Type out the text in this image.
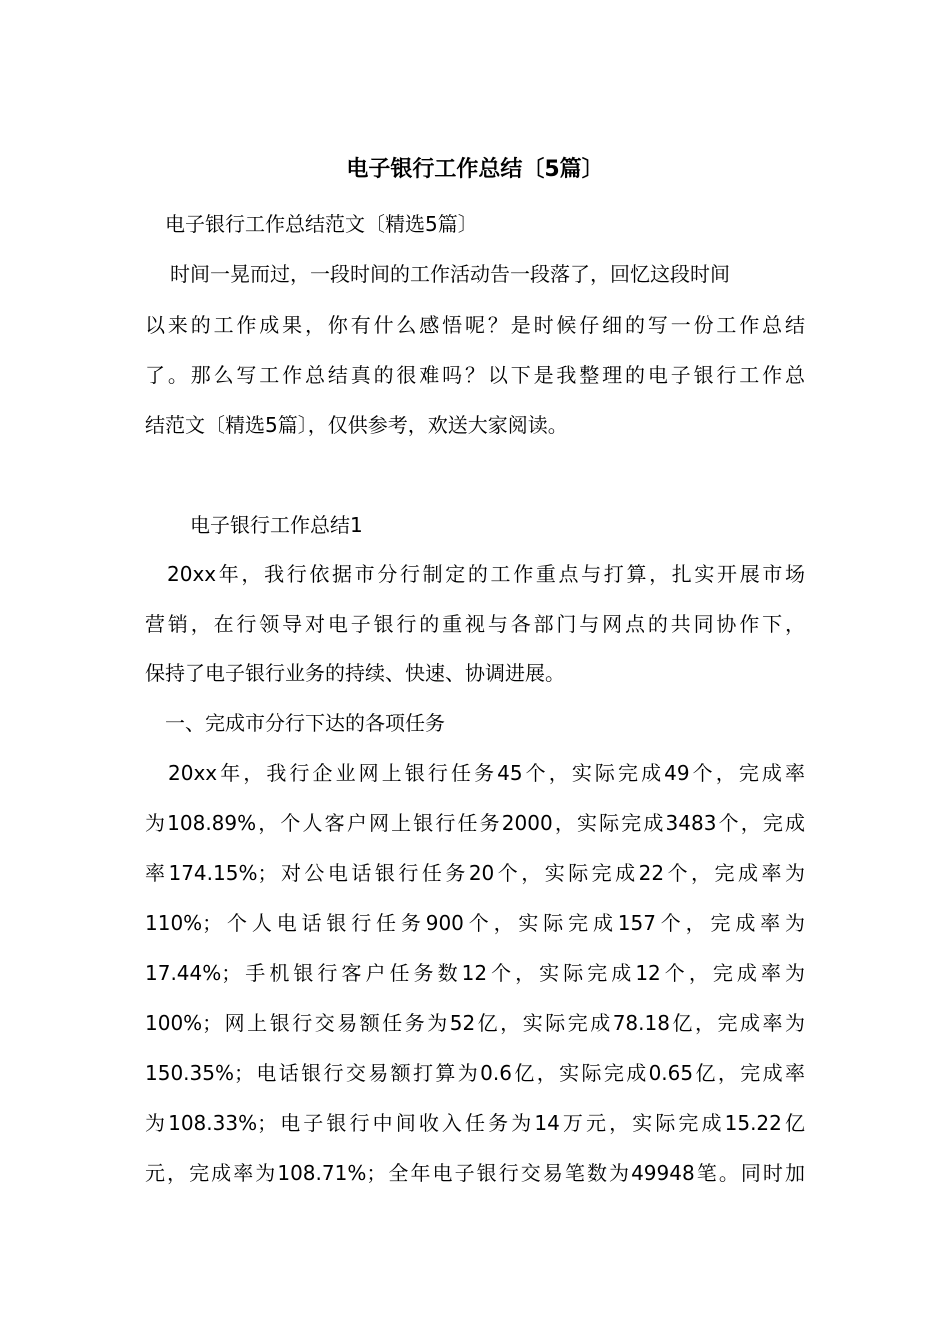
电子银行工作总结〔5篇〕

电子银行工作总结范文〔精选5篇〕

时间一晃而过，一段时间的工作活动告一段落了，回忆这段时间

以来的工作成果，你有什么感悟呢？是时候仔细的写一份工作总结

了。那么写工作总结真的很难吗？以下是我整理的电子银行工作总

结范文〔精选5篇〕，仅供参考，欢送大家阅读。

电子银行工作总结1

20xx年，我行依据市分行制定的工作重点与打算，扎实开展市场

营销，在行领导对电子银行的重视与各部门与网点的共同协作下，

保持了电子银行业务的持续、快速、协调进展。

一、完成市分行下达的各项任务

20xx年，我行企业网上银行任务45个，实际完成49个，完成率

为108.89%，个人客户网上银行任务2000，实际完成3483个，完成

率174.15%；对公电话银行任务20个，实际完成22个，完成率为

110%；个人电话银行任务900个，实际完成157个，完成率为

17.44%；手机银行客户任务数12个，实际完成12个，完成率为

100%；网上银行交易额任务为52亿，实际完成78.18亿，完成率为

150.35%；电话银行交易额打算为0.6亿，实际完成0.65亿，完成率

为108.33%；电子银行中间收入任务为14万元，实际完成15.22亿

元，完成率为108.71%；全年电子银行交易笔数为49948笔。同时加
